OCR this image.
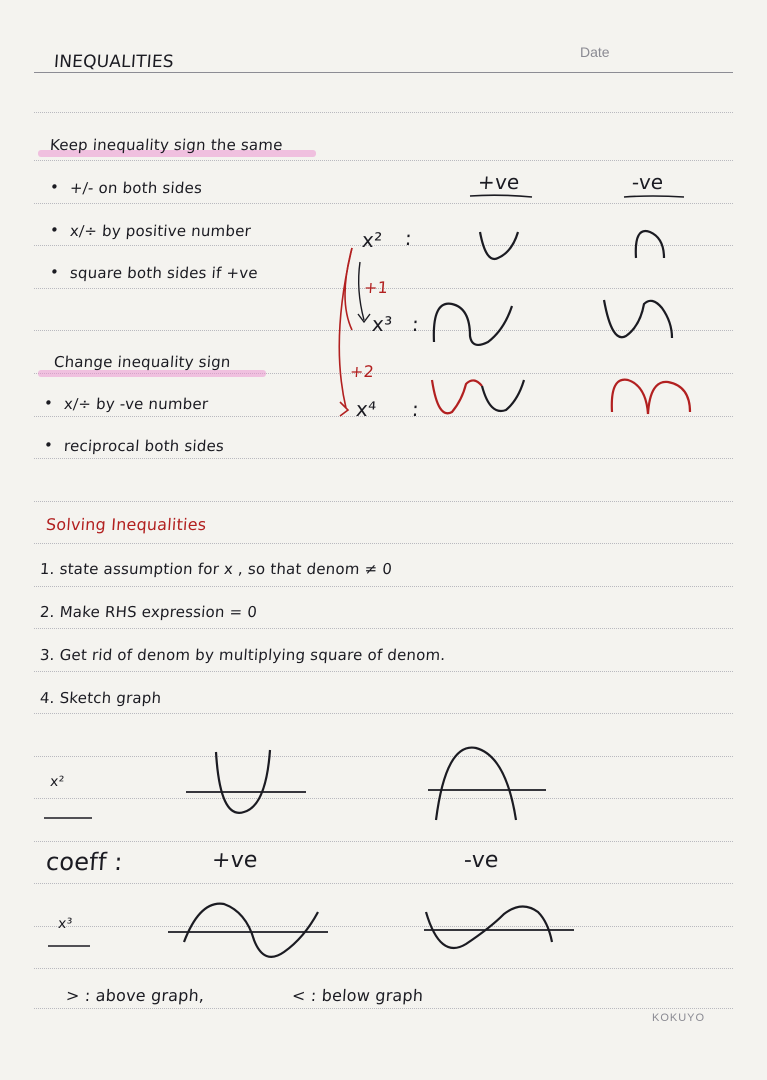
INEQUALITIES	Date
KOKUYO
Keep inequality sign the same
• +/- on both sides
• x/÷ by positive number
• square both sides if +ve
Change inequality sign
• x/÷ by -ve number
• reciprocal both sides
+ve	-ve
x² :
+1
x³ :
+2
x⁴ :
Solving Inequalities
1. state assumption for x , so that denom ≠ 0
2. Make RHS expression = 0
3. Get rid of denom by multiplying square of denom.
4. Sketch graph
x²
coeff :	+ve	-ve
x³
> : above graph,	< : below graph
